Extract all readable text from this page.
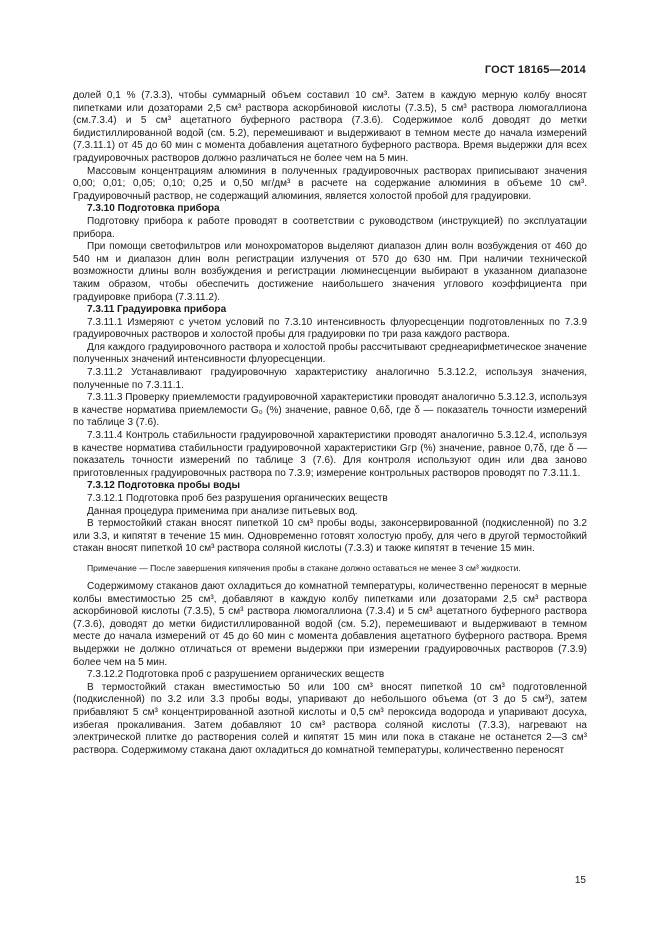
ГОСТ 18165—2014

долей 0,1 % (7.3.3), чтобы суммарный объем составил 10 см³. Затем в каждую мерную колбу вносят пипетками или дозаторами 2,5 см³ раствора аскорбиновой кислоты (7.3.5), 5 см³ раствора люмогаллиона (см.7.3.4) и 5 см³ ацетатного буферного раствора (7.3.6). Содержимое колб доводят до метки бидистиллированной водой (см. 5.2), перемешивают и выдерживают в темном месте до начала измерений (7.3.11.1) от 45 до 60 мин с момента добавления ацетатного буферного раствора. Время выдержки для всех градуировочных растворов должно различаться не более чем на 5 мин.

Массовым концентрациям алюминия в полученных градуировочных растворах приписывают значения 0,00; 0,01; 0,05; 0,10; 0,25 и 0,50 мг/дм³ в расчете на содержание алюминия в объеме 10 см³. Градуировочный раствор, не содержащий алюминия, является холостой пробой для градуировки.

7.3.10 Подготовка прибора

Подготовку прибора к работе проводят в соответствии с руководством (инструкцией) по эксплуатации прибора.

При помощи светофильтров или монохроматоров выделяют диапазон длин волн возбуждения от 460 до 540 нм и диапазон длин волн регистрации излучения от 570 до 630 нм. При наличии технической возможности длины волн возбуждения и регистрации люминесценции выбирают в указанном диапазоне таким образом, чтобы обеспечить достижение наибольшего значения углового коэффициента при градуировке прибора (7.3.11.2).

7.3.11 Градуировка прибора

7.3.11.1 Измеряют с учетом условий по 7.3.10 интенсивность флуоресценции подготовленных по 7.3.9 градуировочных растворов и холостой пробы для градуировки по три раза каждого раствора.

Для каждого градуировочного раствора и холостой пробы рассчитывают среднеарифметическое значение полученных значений интенсивности флуоресценции.

7.3.11.2 Устанавливают градуировочную характеристику аналогично 5.3.12.2, используя значения, полученные по 7.3.11.1.

7.3.11.3 Проверку приемлемости градуировочной характеристики проводят аналогично 5.3.12.3, используя в качестве норматива приемлемости G₀ (%) значение, равное 0,6δ, где δ — показатель точности измерений по таблице 3 (7.6).

7.3.11.4 Контроль стабильности градуировочной характеристики проводят аналогично 5.3.12.4, используя в качестве норматива стабильности градуировочной характеристики Gгр (%) значение, равное 0,7δ, где δ — показатель точности измерений по таблице 3 (7.6). Для контроля используют один или два заново приготовленных градуировочных раствора по 7.3.9; измерение контрольных растворов проводят по 7.3.11.1.

7.3.12 Подготовка пробы воды

7.3.12.1 Подготовка проб без разрушения органических веществ

Данная процедура применима при анализе питьевых вод.

В термостойкий стакан вносят пипеткой 10 см³ пробы воды, законсервированной (подкисленной) по 3.2 или 3.3, и кипятят в течение 15 мин. Одновременно готовят холостую пробу, для чего в другой термостойкий стакан вносят пипеткой 10 см³ раствора соляной кислоты (7.3.3) и также кипятят в течение 15 мин.

Примечание — После завершения кипячения пробы в стакане должно оставаться не менее 3 см³ жидкости.

Содержимому стаканов дают охладиться до комнатной температуры, количественно переносят в мерные колбы вместимостью 25 см³, добавляют в каждую колбу пипетками или дозаторами 2,5 см³ раствора аскорбиновой кислоты (7.3.5), 5 см³ раствора люмогаллиона (7.3.4) и 5 см³ ацетатного буферного раствора (7.3.6), доводят до метки бидистиллированной водой (см. 5.2), перемешивают и выдерживают в темном месте до начала измерений от 45 до 60 мин с момента добавления ацетатного буферного раствора. Время выдержки не должно отличаться от времени выдержки при измерении градуировочных растворов (7.3.9) более чем на 5 мин.

7.3.12.2 Подготовка проб с разрушением органических веществ

В термостойкий стакан вместимостью 50 или 100 см³ вносят пипеткой 10 см³ подготовленной (подкисленной) по 3.2 или 3.3 пробы воды, упаривают до небольшого объема (от 3 до 5 см³), затем прибавляют 5 см³ концентрированной азотной кислоты и 0,5 см³ пероксида водорода и упаривают досуха, избегая прокаливания. Затем добавляют 10 см³ раствора соляной кислоты (7.3.3), нагревают на электрической плитке до растворения солей и кипятят 15 мин или пока в стакане не останется 2—3 см³ раствора. Содержимому стакана дают охладиться до комнатной температуры, количественно переносят

15
